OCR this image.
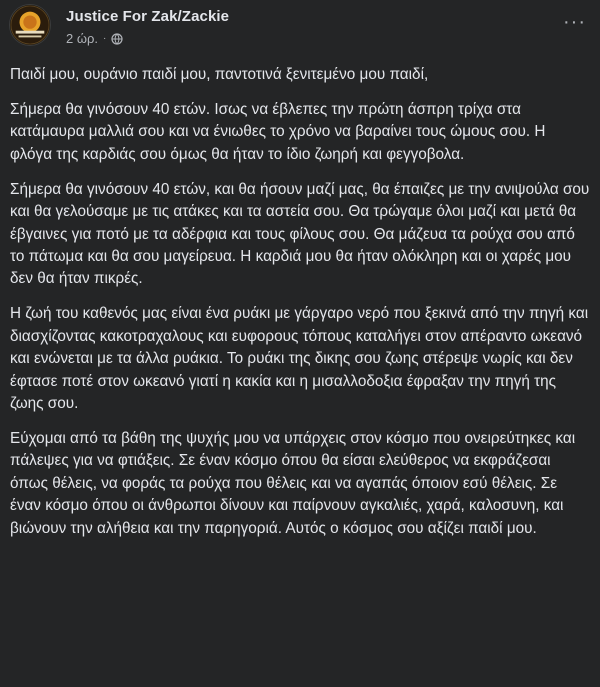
Justice For Zak/Zackie
2 ώρ. ·
···

Παιδί μου, ουράνιο παιδί μου, παντοτινά ξενιτεμένο μου παιδί,

Σήμερα θα γινόσουν 40 ετών. Ισως να έβλεπες την πρώτη άσπρη τρίχα στα κατάμαυρα μαλλιά σου και να ένιωθες το χρόνο να βαραίνει τους ώμους σου. Η φλόγα της καρδιάς σου όμως θα ήταν το ίδιο ζωηρή και φεγγοβολα.

Σήμερα θα γινόσουν 40 ετών, και θα ήσουν μαζί μας, θα έπαιζες με την ανιψούλα σου και θα γελούσαμε με τις ατάκες και τα αστεία σου. Θα τρώγαμε όλοι μαζί και μετά θα έβγαινες για ποτό με τα αδέρφια και τους φίλους σου. Θα μάζευα τα ρούχα σου από το πάτωμα και θα σου μαγείρευα. Η καρδιά μου θα ήταν ολόκληρη και οι χαρές μου δεν θα ήταν πικρές.

Η ζωή του καθενός μας είναι ένα ρυάκι με γάργαρο νερό που ξεκινά από την πηγή και διασχίζοντας κακοτραχαλους και ευφορους τόπους καταλήγει στον απέραντο ωκεανό και ενώνεται με τα άλλα ρυάκια. Το ρυάκι της δικης σου ζωης στέρεψε νωρίς και δεν έφτασε ποτέ στον ωκεανό γιατί η κακία και η μισαλλοδοξια έφραξαν την πηγή της ζωης σου.

Εύχομαι από τα βάθη της ψυχής μου να υπάρχεις στον κόσμο που ονειρεύτηκες και πάλεψες για να φτιάξεις. Σε έναν κόσμο όπου θα είσαι ελεύθερος να εκφράζεσαι όπως θέλεις, να φοράς τα ρούχα που θέλεις και να αγαπάς όποιον εσύ θέλεις. Σε έναν κόσμο όπου οι άνθρωποι δίνουν και παίρνουν αγκαλιές, χαρά, καλοσυνη, και βιώνουν την αλήθεια και την παρηγοριά. Αυτός ο κόσμος σου αξίζει παιδί μου.
